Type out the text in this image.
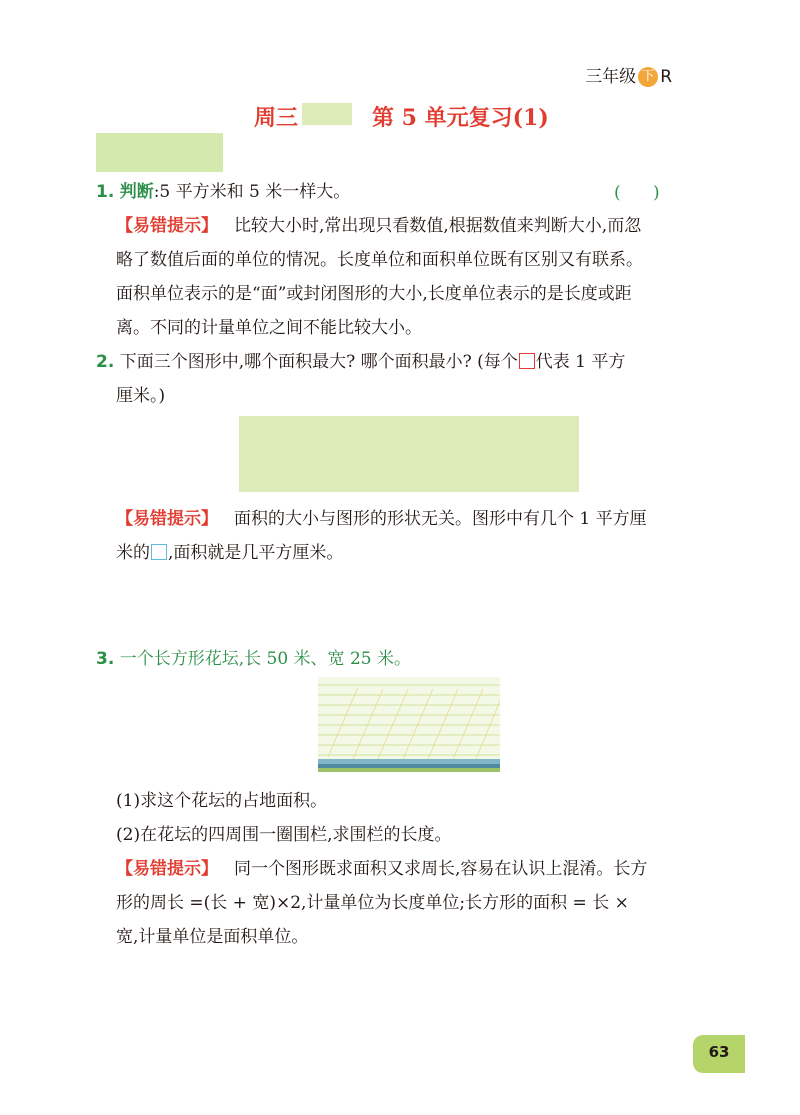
三年级 下 R
周三	第 5 单元复习(1)
1. 判断:5 平方米和 5 米一样大。	(      )
【易错提示】 比较大小时,常出现只看数值,根据数值来判断大小,而忽
略了数值后面的单位的情况。长度单位和面积单位既有区别又有联系。
面积单位表示的是“面”或封闭图形的大小,长度单位表示的是长度或距
离。不同的计量单位之间不能比较大小。
2. 下面三个图形中,哪个面积最大? 哪个面积最小? (每个 代表 1 平方
厘米。)
【易错提示】 面积的大小与图形的形状无关。图形中有几个 1 平方厘
米的 ,面积就是几平方厘米。
3. 一个长方形花坛,长 50 米、宽 25 米。
(1)求这个花坛的占地面积。
(2)在花坛的四周围一圈围栏,求围栏的长度。
【易错提示】 同一个图形既求面积又求周长,容易在认识上混淆。长方
形的周长 =(长 + 宽)×2,计量单位为长度单位;长方形的面积 = 长 ×
宽,计量单位是面积单位。
63
